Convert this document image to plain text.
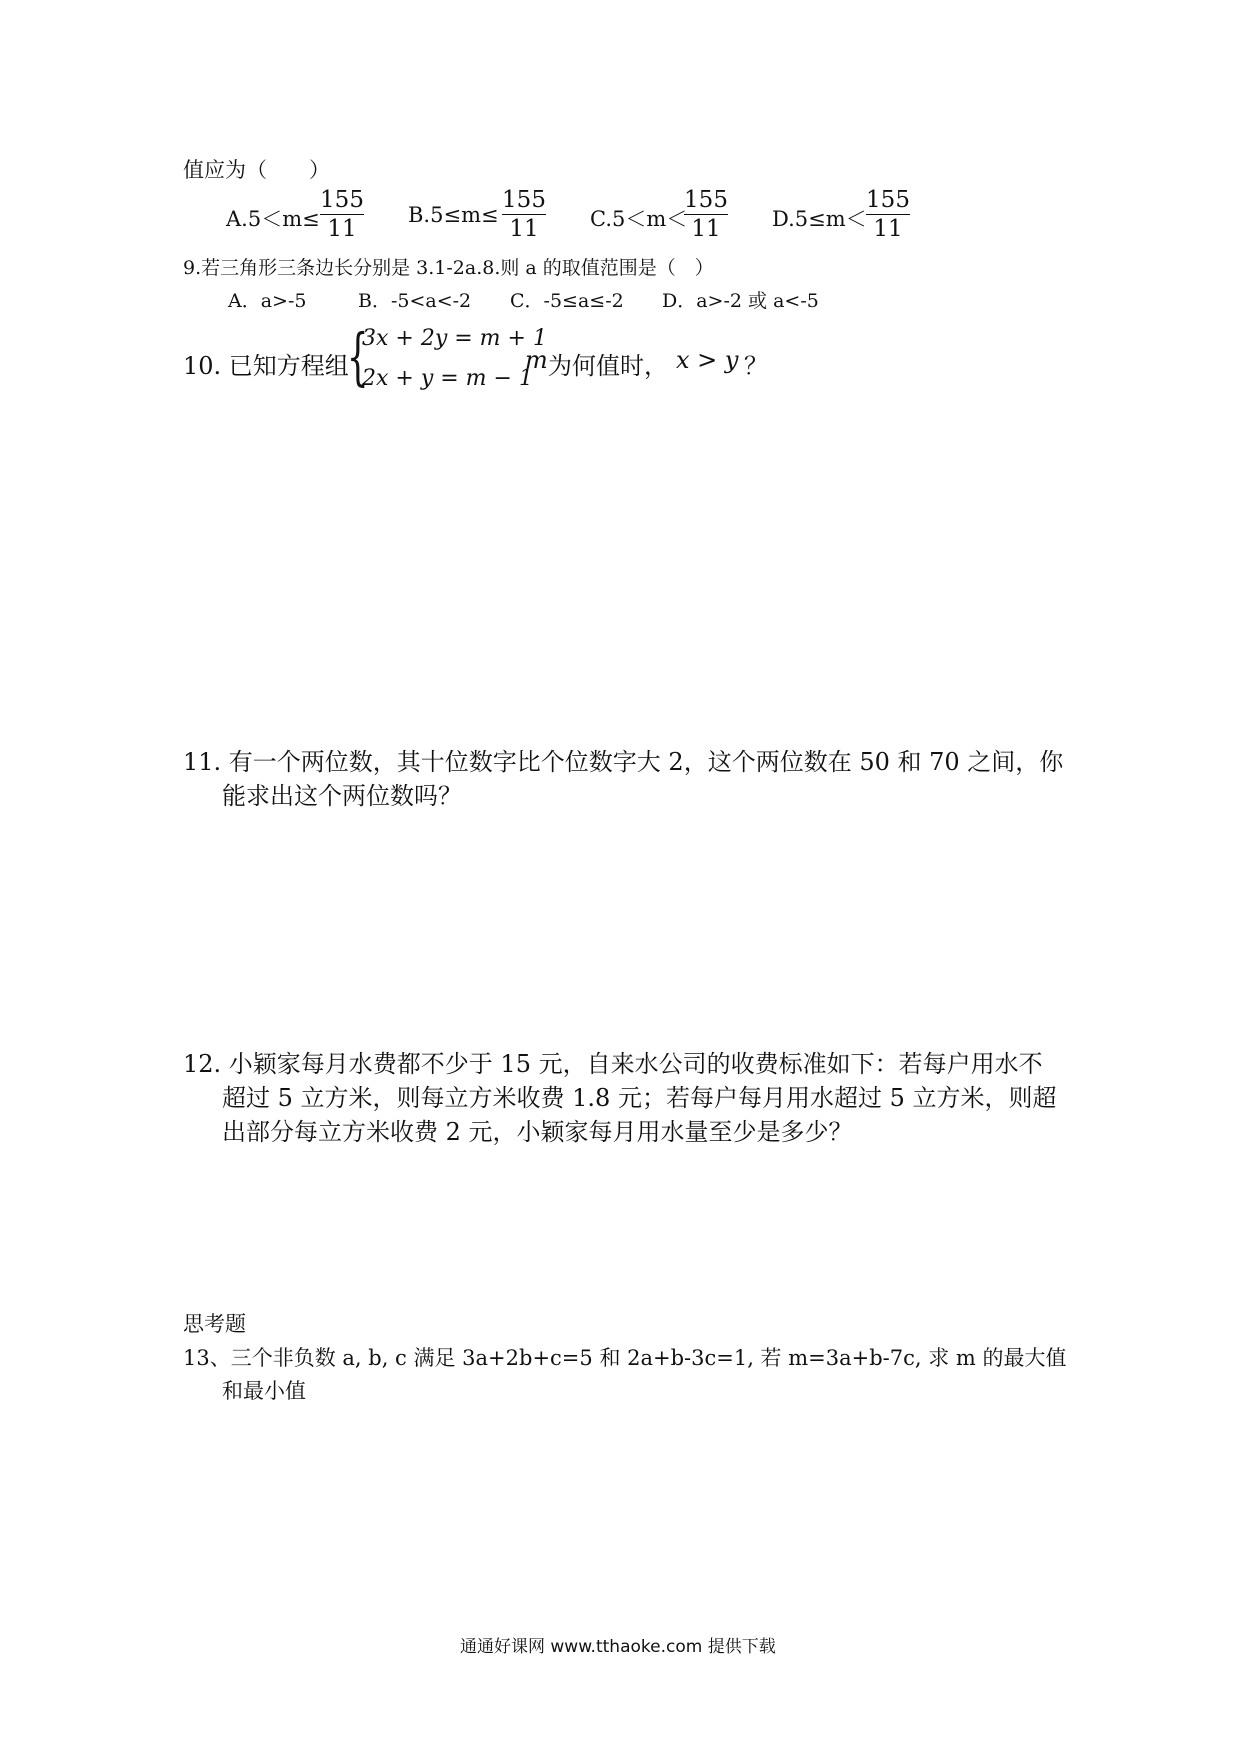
值应为（　　）
A.5＜m≤
155
11
B.5≤m≤
155
11	C.5＜m＜
155
11	D.5≤m＜
155
11
9.若三角形三条边长分别是 3.1-2a.8.则 a 的取值范围是（　）
A．a>-5	B．-5<a<-2 C．-5≤a≤-2 D．a>-2 或 a<-5
10. 已知方程组
{
3x + 2y = m + 1
2x + y = m − 1
m 为何值时， x > y ？
11. 有一个两位数，其十位数字比个位数字大 2，这个两位数在 50 和 70 之间，你
能求出这个两位数吗？
12. 小颖家每月水费都不少于 15 元，自来水公司的收费标准如下：若每户用水不
超过 5 立方米，则每立方米收费 1.8 元；若每户每月用水超过 5 立方米，则超
出部分每立方米收费 2 元，小颖家每月用水量至少是多少？
思考题
13、三个非负数 a, b, c 满足 3a+2b+c=5 和 2a+b-3c=1, 若 m=3a+b-7c, 求 m 的最大值
和最小值
通通好课网 www.tthaoke.com 提供下载
